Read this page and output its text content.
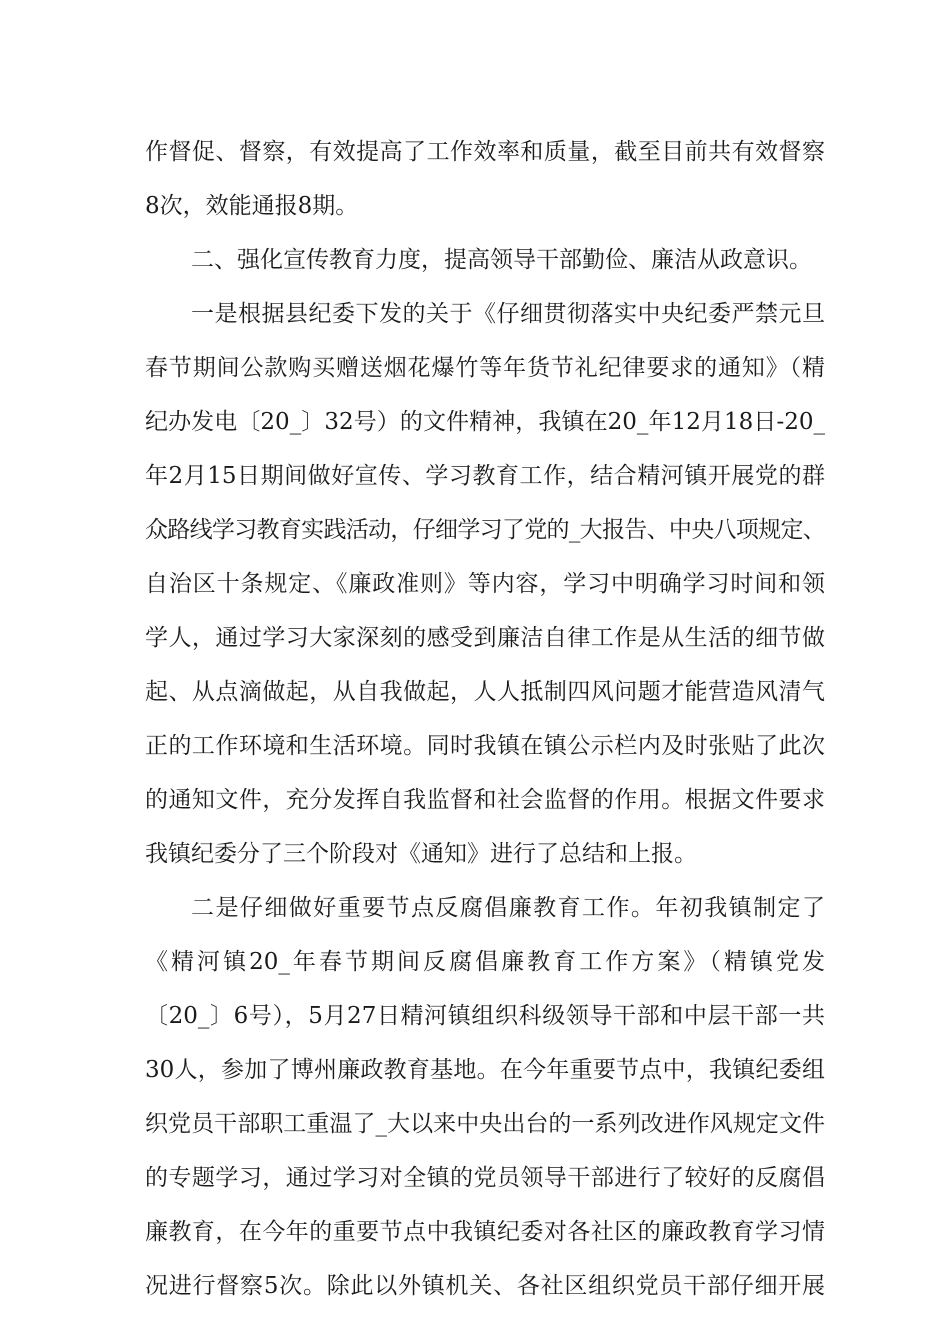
作督促、督察，有效提高了工作效率和质量，截至目前共有效督察
8次，效能通报8期。
二、强化宣传教育力度，提高领导干部勤俭、廉洁从政意识。
一是根据县纪委下发的关于《仔细贯彻落实中央纪委严禁元旦
春节期间公款购买赠送烟花爆竹等年货节礼纪律要求的通知》（精
纪办发电〔20_〕32号）的文件精神，我镇在20_年12月18日-20_
年2月15日期间做好宣传、学习教育工作，结合精河镇开展党的群
众路线学习教育实践活动，仔细学习了党的_大报告、中央八项规定、
自治区十条规定、《廉政准则》等内容，学习中明确学习时间和领
学人，通过学习大家深刻的感受到廉洁自律工作是从生活的细节做
起、从点滴做起，从自我做起，人人抵制四风问题才能营造风清气
正的工作环境和生活环境。同时我镇在镇公示栏内及时张贴了此次
的通知文件，充分发挥自我监督和社会监督的作用。根据文件要求
我镇纪委分了三个阶段对《通知》进行了总结和上报。
二是仔细做好重要节点反腐倡廉教育工作。年初我镇制定了
《精河镇20_年春节期间反腐倡廉教育工作方案》（精镇党发
〔20_〕6号），5月27日精河镇组织科级领导干部和中层干部一共
30人，参加了博州廉政教育基地。在今年重要节点中，我镇纪委组
织党员干部职工重温了_大以来中央出台的一系列改进作风规定文件
的专题学习，通过学习对全镇的党员领导干部进行了较好的反腐倡
廉教育，在今年的重要节点中我镇纪委对各社区的廉政教育学习情
况进行督察5次。除此以外镇机关、各社区组织党员干部仔细开展
